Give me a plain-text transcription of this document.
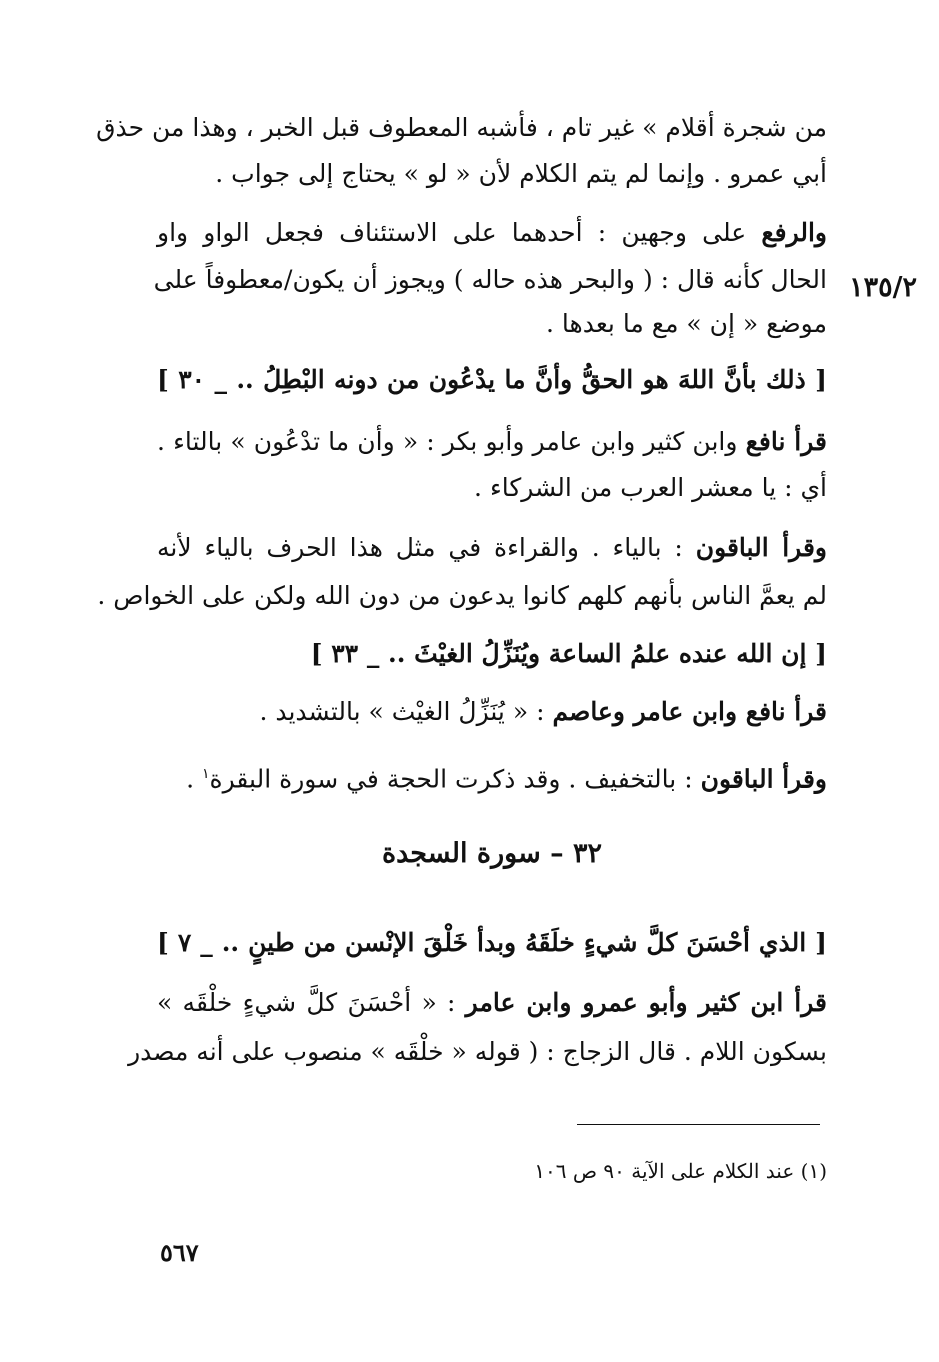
١٣٥/٢
من شجرة أقلام » غير تام ، فأشبه المعطوف قبل الخبر ، وهذا من حذق
أبي عمرو . وإنما لم يتم الكلام لأن « لو » يحتاج إلى جواب .
والرفع على وجهين : أحدهما على الاستئناف فجعل الواو واو
الحال كأنه قال : ( والبحر هذه حاله ) ويجوز أن يكون/معطوفاً على
موضع « إن » مع ما بعدها .
[ ذلك بأنَّ اللهَ هو الحقُّ وأنَّ ما يدْعُون من دونه البْطِلُ .. _ ٣٠ ]
قرأ نافع وابن كثير وابن عامر وأبو بكر : « وأن ما تدْعُون » بالتاء .
أي : يا معشر العرب من الشركاء .
وقرأ الباقون : بالياء . والقراءة في مثل هذا الحرف بالياء لأنه
لم يعمَّ الناس بأنهم كلهم كانوا يدعون من دون الله ولكن على الخواص .
[ إن الله عنده علمُ الساعة ويُنَزِّلُ الغيْثَ .. _ ٣٣ ]
قرأ نافع وابن عامر وعاصم : « يُنَزِّلُ الغيْث » بالتشديد .
وقرأ الباقون : بالتخفيف . وقد ذكرت الحجة في سورة البقرة$^١$ .
٣٢ – سورة السجدة
[ الذي أحْسَنَ كلَّ شيءٍ خلَقَهُ وبدأ خَلْقَ الإنْسن من طينٍ .. _ ٧ ]
قرأ ابن كثير وأبو عمرو وابن عامر : « أحْسَنَ كلَّ شيءٍ خلْقَه »
بسكون اللام . قال الزجاج : ( قوله « خلْقَه » منصوب على أنه مصدر
(١) عند الكلام على الآية ٩٠ ص ١٠٦
٥٦٧
